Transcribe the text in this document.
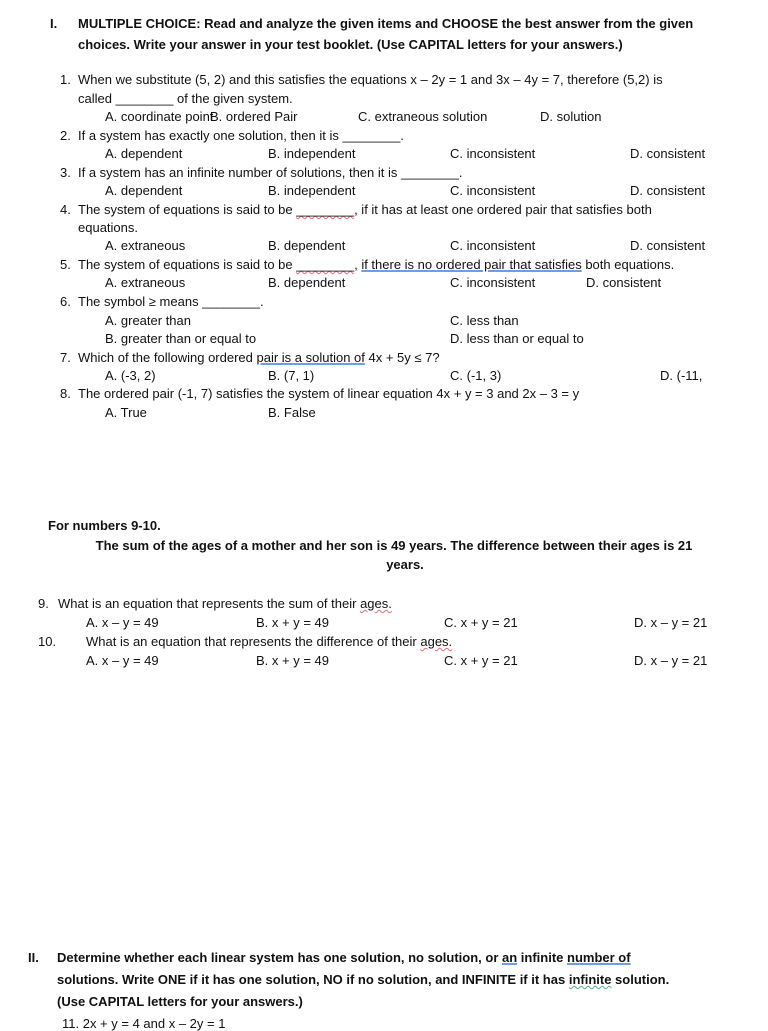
I. MULTIPLE CHOICE: Read and analyze the given items and CHOOSE the best answer from the given
choices. Write your answer in your test booklet. (Use CAPITAL letters for your answers.)
1. When we substitute (5, 2) and this satisfies the equations x – 2y = 1 and 3x – 4y = 7, therefore (5,2) is
called ________ of the given system.
A. coordinate point
B. ordered Pair	C. extraneous solution	D. solution
2. If a system has exactly one solution, then it is ________.
A. dependent	B. independent	C. inconsistent	D. consistent
3. If a system has an infinite number of solutions, then it is ________.
A. dependent	B. independent	C. inconsistent	D. consistent
4. The system of equations is said to be ________, if it has at least one ordered pair that satisfies both
equations.
A. extraneous	B. dependent	C. inconsistent	D. consistent
5. The system of equations is said to be ________, if there is no ordered pair that satisfies both equations.
A. extraneous	B. dependent	C. inconsistent	D. consistent
6. The symbol ≥ means ________.
A. greater than	C. less than
B. greater than or equal to	D. less than or equal to
7. Which of the following ordered pair is a solution of 4x + 5y ≤ 7?
A. (-3, 2)	B. (7, 1)	C. (-1, 3)	D. (-11,
8. The ordered pair (-1, 7) satisfies the system of linear equation 4x + y = 3 and 2x – 3 = y
A. True	B. False
For numbers 9-10.
The sum of the ages of a mother and her son is 49 years. The difference between their ages is 21
years.
9. What is an equation that represents the sum of their ages.
A. x – y = 49	B. x + y = 49	C. x + y = 21	D. x – y = 21
10. What is an equation that represents the difference of their ages.
A. x – y = 49	B. x + y = 49	C. x + y = 21	D. x – y = 21
II. Determine whether each linear system has one solution, no solution, or an infinite number of
solutions. Write ONE if it has one solution, NO if no solution, and INFINITE if it has infinite solution.
(Use CAPITAL letters for your answers.)
11. 2x + y = 4 and x – 2y = 1
